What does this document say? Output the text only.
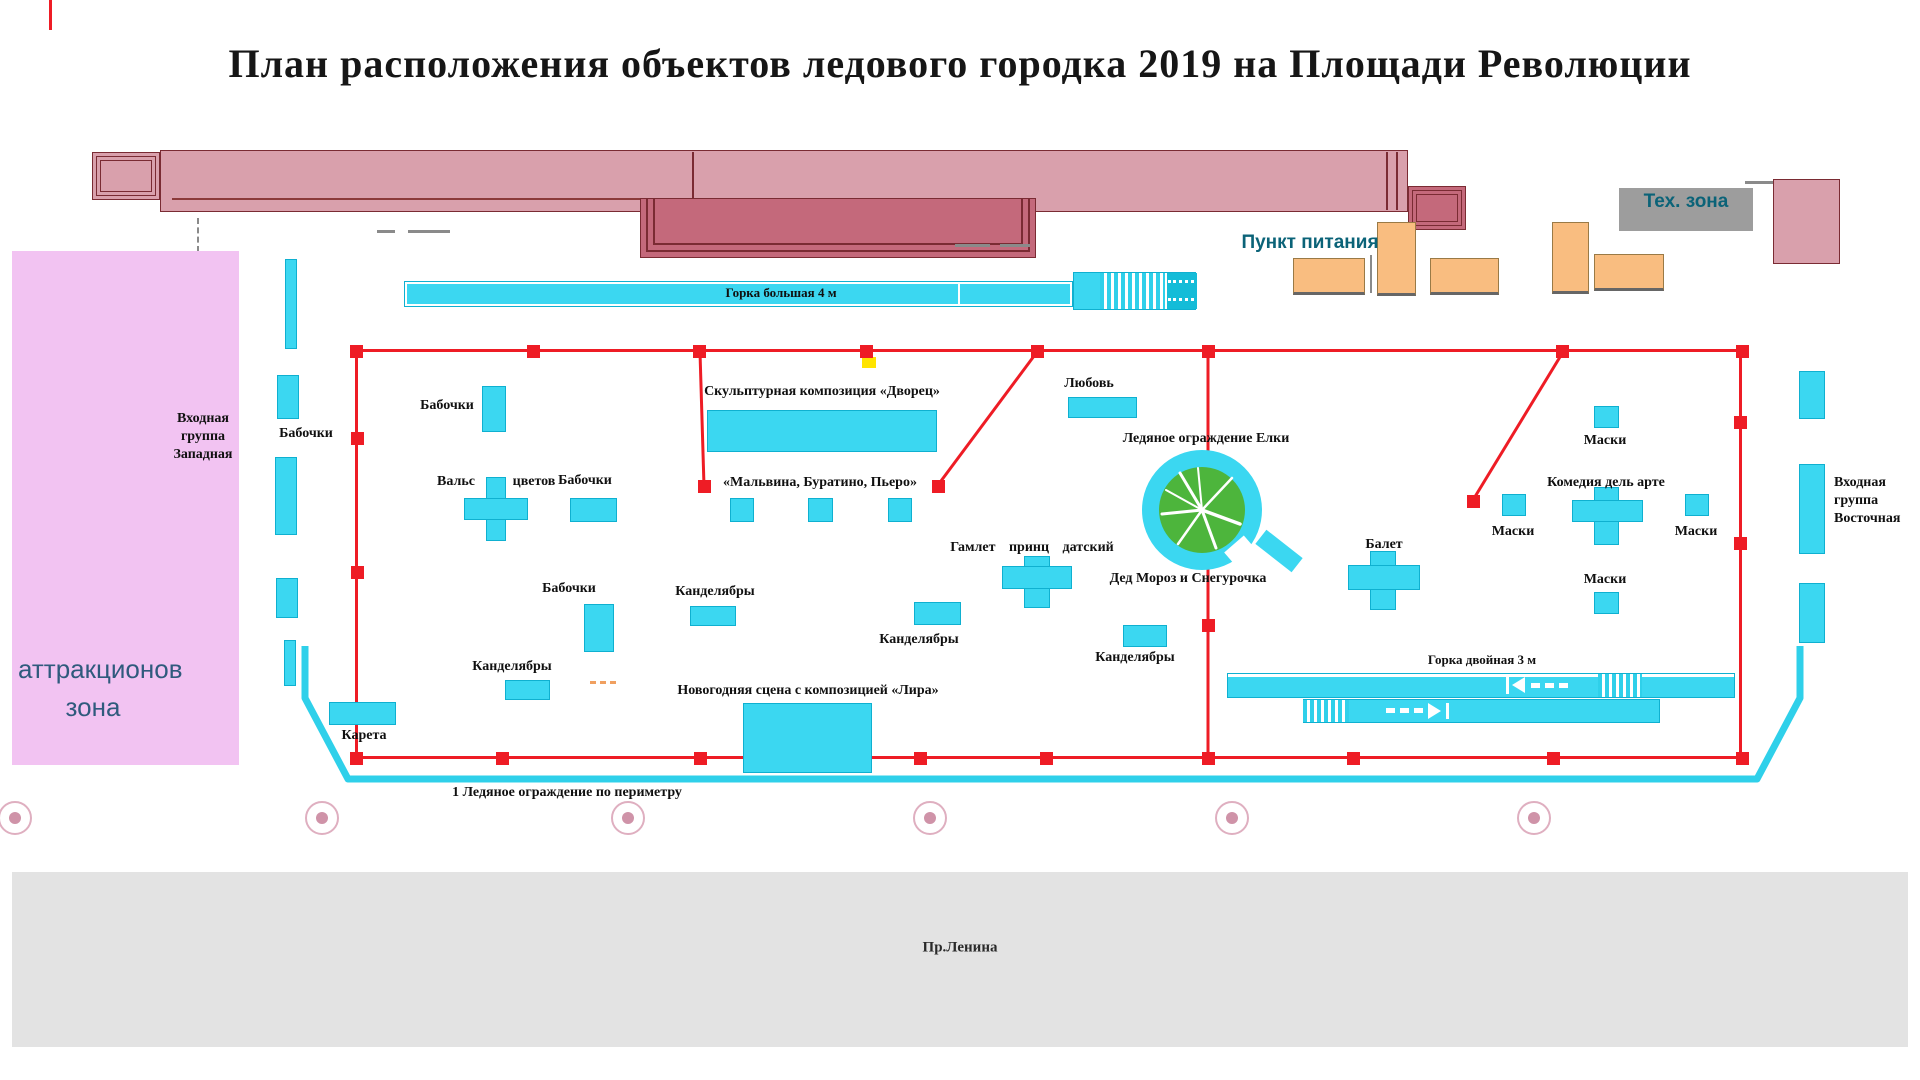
План расположения объектов ледового городка 2019 на Площади Революции
Тех. зона
Пункт питания
аттракционов
зона
Входная
группа
Западная
Входная
группа
Восточная
Пр.Ленина
Горка большая 4 м
Бабочки
Бабочки
Вальс	цветов Бабочки
Скульптурная композиция «Дворец»
«Мальвина, Буратино, Пьеро»
Любовь
Ледяное ограждение Елки
Гамлет принц датский
Дед Мороз и Снегурочка
Балет
Бабочки
Канделябры
Канделябры
Канделябры
Канделябры
Карета
Горка двойная 3 м
Новогодняя сцена с композицией «Лира»
1 Ледяное ограждение по периметру
Маски
Маски	Маски
Маски
Комедия дель арте
